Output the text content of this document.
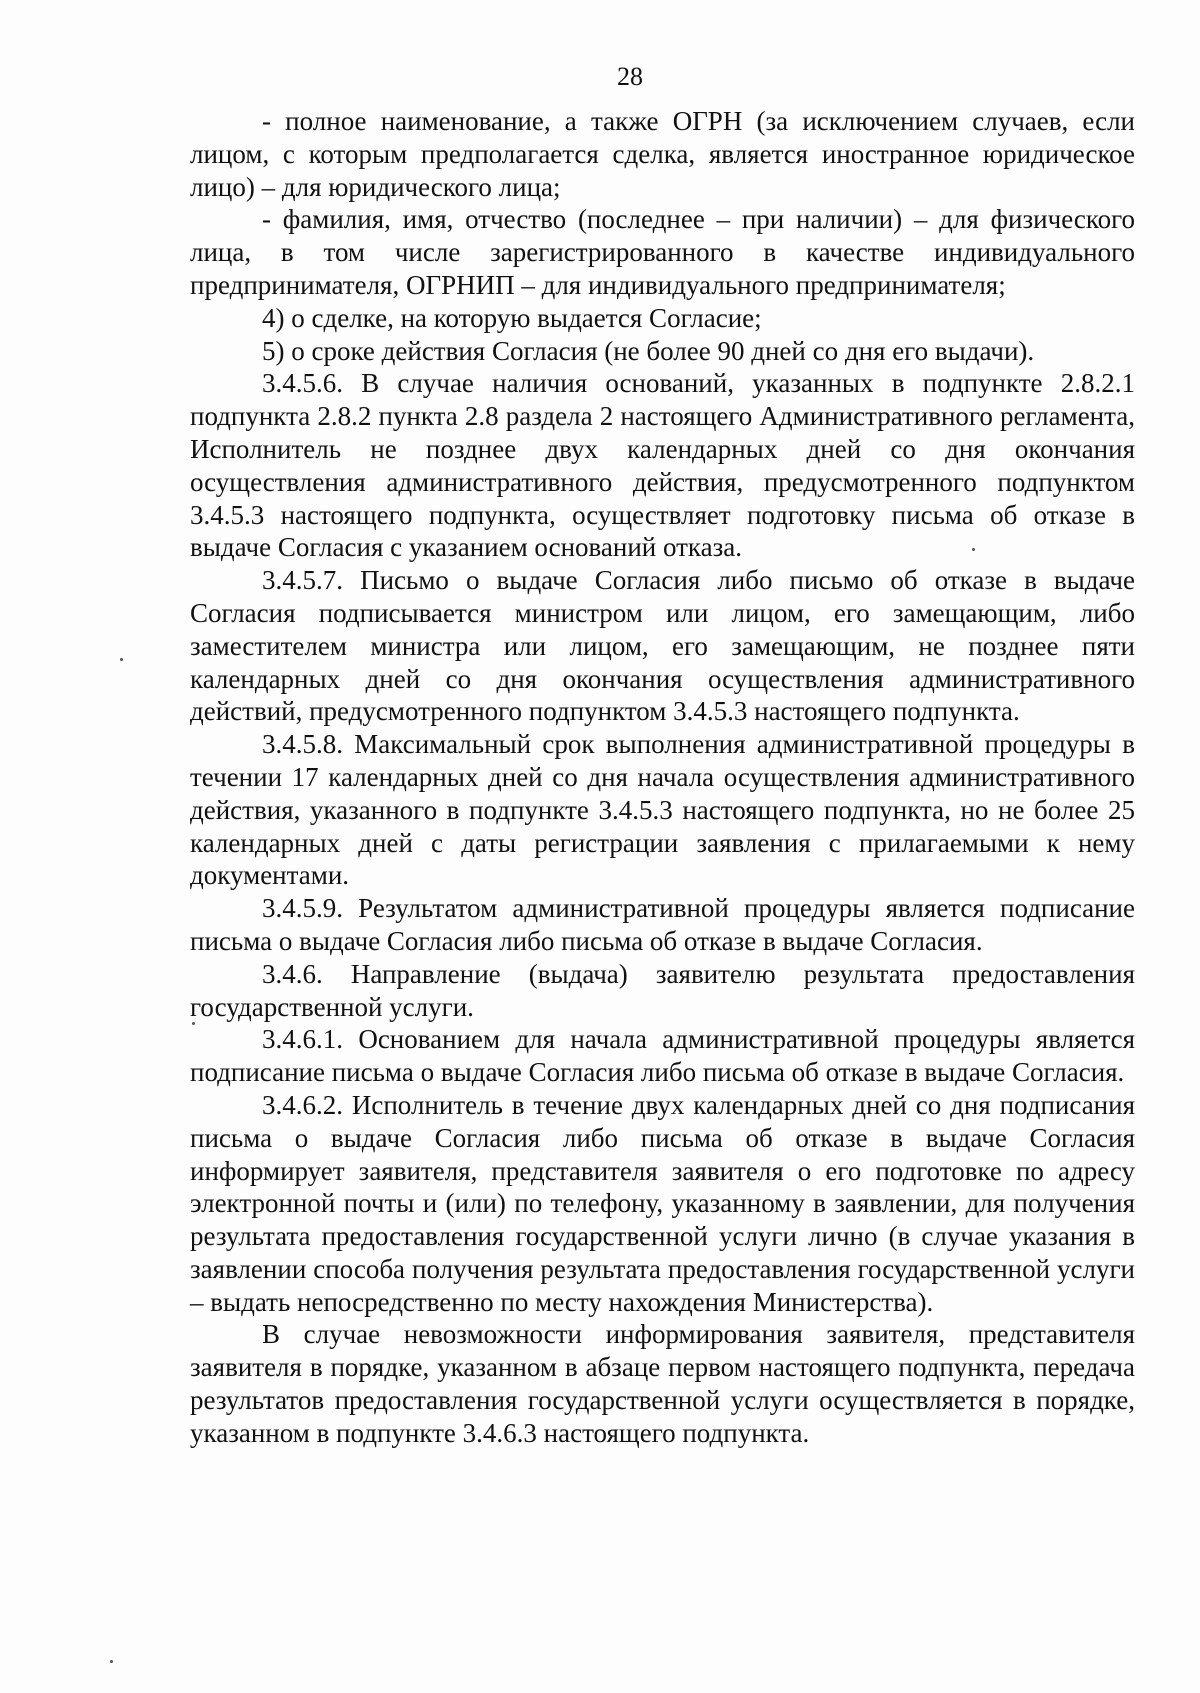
28

- полное наименование, а также ОГРН (за исключением случаев, если лицом, с которым предполагается сделка, является иностранное юридическое лицо) – для юридического лица;

- фамилия, имя, отчество (последнее – при наличии) – для физического лица, в том числе зарегистрированного в качестве индивидуального предпринимателя, ОГРНИП – для индивидуального предпринимателя;

4) о сделке, на которую выдается Согласие;

5) о сроке действия Согласия (не более 90 дней со дня его выдачи).

3.4.5.6. В случае наличия оснований, указанных в подпункте 2.8.2.1 подпункта 2.8.2 пункта 2.8 раздела 2 настоящего Административного регламента, Исполнитель не позднее двух календарных дней со дня окончания осуществления административного действия, предусмотренного подпунктом 3.4.5.3 настоящего подпункта, осуществляет подготовку письма об отказе в выдаче Согласия с указанием оснований отказа.

3.4.5.7. Письмо о выдаче Согласия либо письмо об отказе в выдаче Согласия подписывается министром или лицом, его замещающим, либо заместителем министра или лицом, его замещающим, не позднее пяти календарных дней со дня окончания осуществления административного действий, предусмотренного подпунктом 3.4.5.3 настоящего подпункта.

3.4.5.8. Максимальный срок выполнения административной процедуры в течении 17 календарных дней со дня начала осуществления административного действия, указанного в подпункте 3.4.5.3 настоящего подпункта, но не более 25 календарных дней с даты регистрации заявления с прилагаемыми к нему документами.

3.4.5.9. Результатом административной процедуры является подписание письма о выдаче Согласия либо письма об отказе в выдаче Согласия.

3.4.6. Направление (выдача) заявителю результата предоставления государственной услуги.

3.4.6.1. Основанием для начала административной процедуры является подписание письма о выдаче Согласия либо письма об отказе в выдаче Согласия.

3.4.6.2. Исполнитель в течение двух календарных дней со дня подписания письма о выдаче Согласия либо письма об отказе в выдаче Согласия информирует заявителя, представителя заявителя о его подготовке по адресу электронной почты и (или) по телефону, указанному в заявлении, для получения результата предоставления государственной услуги лично (в случае указания в заявлении способа получения результата предоставления государственной услуги – выдать непосредственно по месту нахождения Министерства).

В случае невозможности информирования заявителя, представителя заявителя в порядке, указанном в абзаце первом настоящего подпункта, передача результатов предоставления государственной услуги осуществляется в порядке, указанном в подпункте 3.4.6.3 настоящего подпункта.
